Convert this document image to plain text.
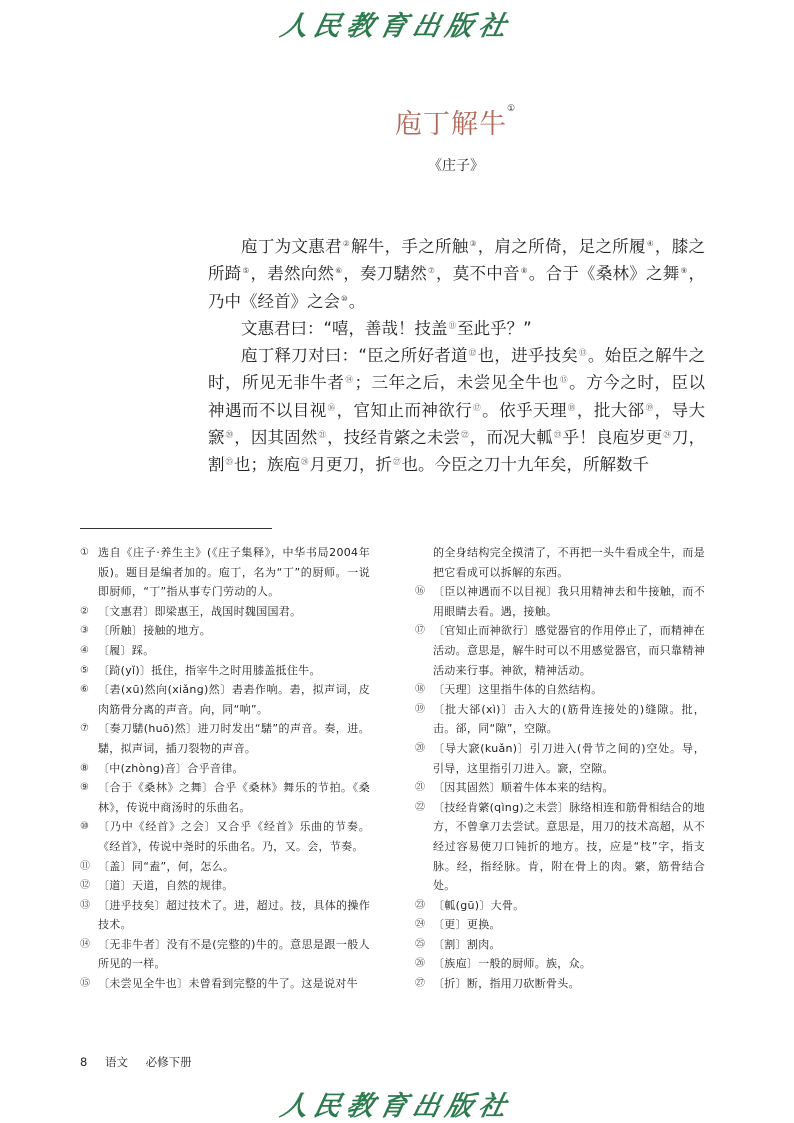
人民教育出版社
庖丁解牛①
《庄子》

庖丁为文惠君②解牛，手之所触③，肩之所倚，足之所履④，膝之所踦⑤，砉然向然⑥，奏刀騞然⑦，莫不中音⑧。合于《桑林》之舞⑨，乃中《经首》之会⑩。

文惠君曰：“嘻，善哉！技盖⑪至此乎？”

庖丁释刀对曰：“臣之所好者道⑫也，进乎技矣⑬。始臣之解牛之时，所见无非牛者⑭；三年之后，未尝见全牛也⑮。方今之时，臣以神遇而不以目视⑯，官知止而神欲行⑰。依乎天理⑱，批大郤⑲，导大窾⑳，因其固然$^㉑$，技经肯綮之未尝$^㉒$，而况大軱$^㉓$乎！良庖岁更$^㉔$刀，割$^㉕$也；族庖$^㉖$月更刀，折$^㉗$也。今臣之刀十九年矣，所解数千

① 选自《庄子·养生主》(《庄子集释》，中华书局2004年版)。题目是编者加的。庖丁，名为“丁”的厨师。一说即厨师，“丁”指从事专门劳动的人。
② 〔文惠君〕即梁惠王，战国时魏国国君。
③ 〔所触〕接触的地方。
④ 〔履〕踩。
⑤ 〔踦(yǐ)〕抵住，指宰牛之时用膝盖抵住牛。
⑥ 〔砉(xū)然向(xiǎng)然〕砉砉作响。砉，拟声词，皮肉筋骨分离的声音。向，同“响”。
⑦ 〔奏刀騞(huō)然〕进刀时发出“騞”的声音。奏，进。騞，拟声词，插刀裂物的声音。
⑧ 〔中(zhòng)音〕合乎音律。
⑨ 〔合于《桑林》之舞〕合乎《桑林》舞乐的节拍。《桑林》，传说中商汤时的乐曲名。
⑩ 〔乃中《经首》之会〕又合乎《经首》乐曲的节奏。《经首》，传说中尧时的乐曲名。乃，又。会，节奏。
⑪ 〔盖〕同“盍”，何，怎么。
⑫ 〔道〕天道，自然的规律。
⑬ 〔进乎技矣〕超过技术了。进，超过。技，具体的操作技术。
⑭ 〔无非牛者〕没有不是(完整的)牛的。意思是跟一般人所见的一样。
⑮ 〔未尝见全牛也〕未曾看到完整的牛了。这是说对牛
的全身结构完全摸清了，不再把一头牛看成全牛，而是把它看成可以拆解的东西。
⑯ 〔臣以神遇而不以目视〕我只用精神去和牛接触，而不用眼睛去看。遇，接触。
⑰ 〔官知止而神欲行〕感觉器官的作用停止了，而精神在活动。意思是，解牛时可以不用感觉器官，而只靠精神活动来行事。神欲，精神活动。
⑱ 〔天理〕这里指牛体的自然结构。
⑲ 〔批大郤(xì)〕击入大的(筋骨连接处的)缝隙。批，击。郤，同“隙”，空隙。
⑳ 〔导大窾(kuǎn)〕引刀进入(骨节之间的)空处。导，引导，这里指引刀进入。窾，空隙。
㉑ 〔因其固然〕顺着牛体本来的结构。
㉒ 〔技经肯綮(qìng)之未尝〕脉络相连和筋骨相结合的地方，不曾拿刀去尝试。意思是，用刀的技术高超，从不经过容易使刀口钝折的地方。技，应是“枝”字，指支脉。经，指经脉。肯，附在骨上的肉。綮，筋骨结合处。
㉓ 〔軱(gū)〕大骨。
㉔ 〔更〕更换。
㉕ 〔割〕割肉。
㉖ 〔族庖〕一般的厨师。族，众。
㉗ 〔折〕断，指用刀砍断骨头。
8 语文 必修下册
人民教育出版社
